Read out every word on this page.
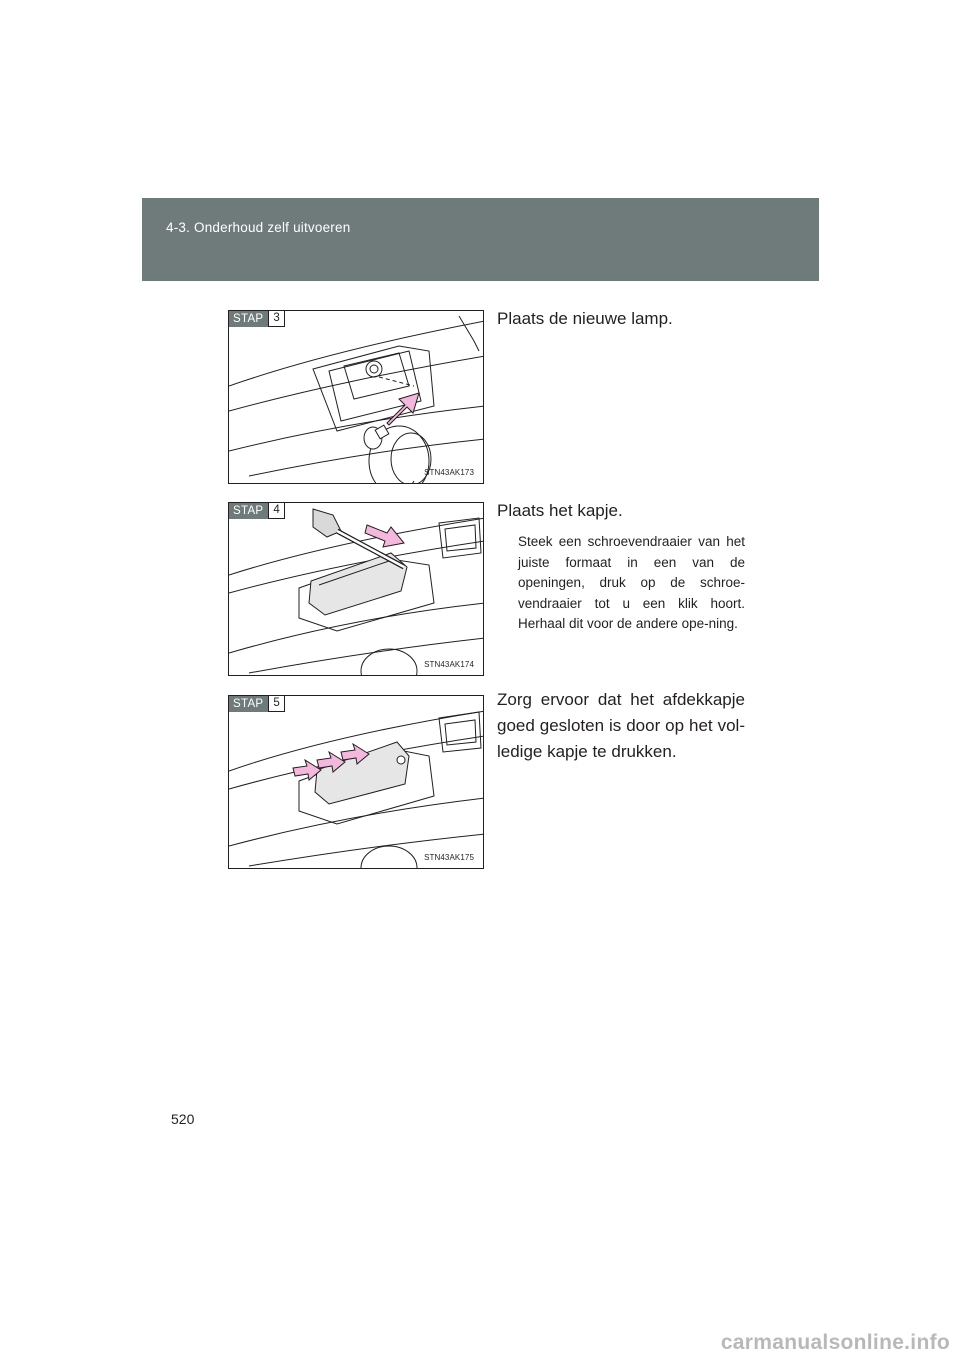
4-3. Onderhoud zelf uitvoeren
STAP 3
STN43AK173
Plaats de nieuwe lamp.
STAP 4
STN43AK174
Plaats het kapje.
Steek een schroevendraaier van het juiste formaat in een van de openingen, druk op de schroe-vendraaier tot u een klik hoort. Herhaal dit voor de andere ope-ning.
STAP 5
STN43AK175
Zorg ervoor dat het afdekkapje goed gesloten is door op het vol-ledige kapje te drukken.
520
carmanualsonline.info
